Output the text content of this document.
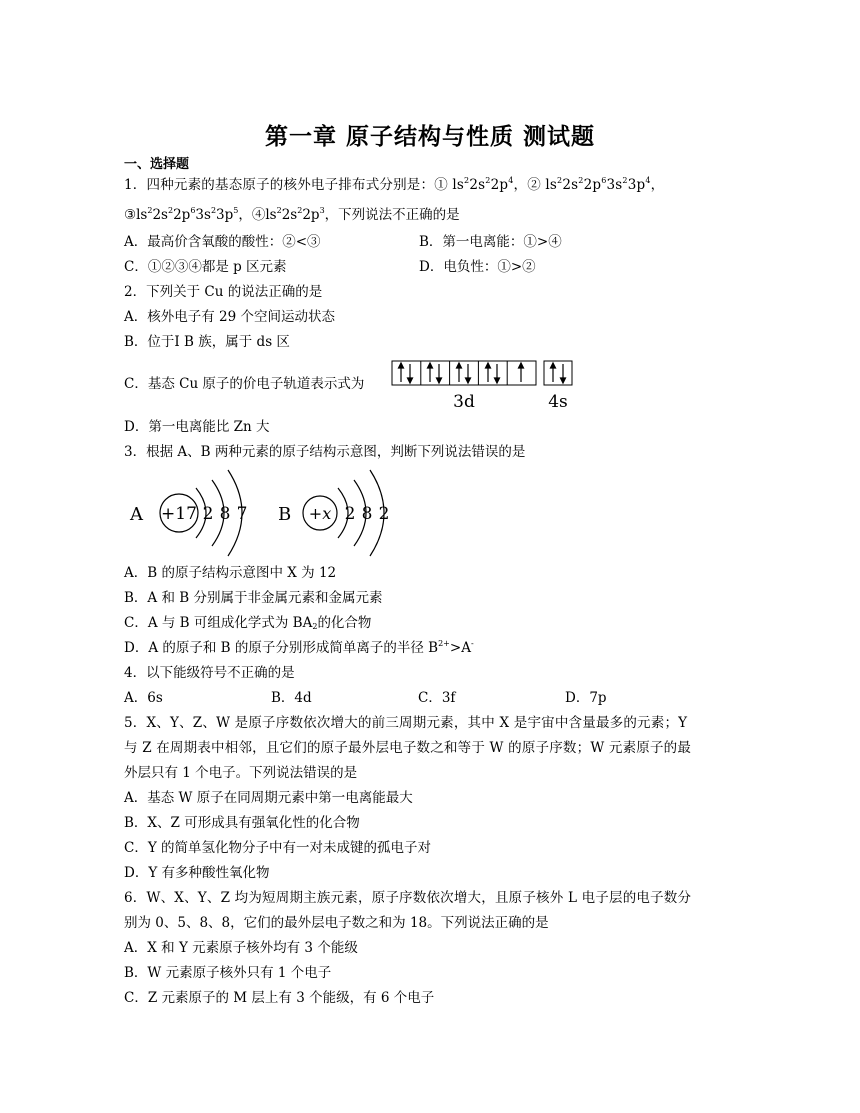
第一章 原子结构与性质 测试题
一、选择题
1．四种元素的基态原子的核外电子排布式分别是：① $ls^22s^22p^4$，② $ls^22s^22p^63s^23p^4$，
$③ls^22s^22p^63s^23p^5$，$④ls^22s^22p^3$，下列说法不正确的是
A．最高价含氧酸的酸性：②<③	B．第一电离能：①>④
C．①②③④都是 p 区元素	D．电负性：①>②
2．下列关于 Cu 的说法正确的是
A．核外电子有 29 个空间运动状态
B．位于Ⅰ B 族，属于 ds 区
C．基态 Cu 原子的价电子轨道表示式为
3d	4s
D．第一电离能比 Zn 大
3．根据 A、B 两种元素的原子结构示意图，判断下列说法错误的是
A +17 2 8 7 B +x 2 8 2
A．B 的原子结构示意图中 X 为 12
B．A 和 B 分别属于非金属元素和金属元素
C．A 与 B 可组成化学式为 $BA_2$的化合物
D．A 的原子和 B 的原子分别形成简单离子的半径 $B^{2+}>A^-$
4．以下能级符号不正确的是
A．6s	B．4d	C．3f	D．7p
5．X、Y、Z、W 是原子序数依次增大的前三周期元素，其中 X 是宇宙中含量最多的元素；Y
与 Z 在周期表中相邻，且它们的原子最外层电子数之和等于 W 的原子序数；W 元素原子的最
外层只有 1 个电子。下列说法错误的是
A．基态 W 原子在同周期元素中第一电离能最大
B．X、Z 可形成具有强氧化性的化合物
C．Y 的简单氢化物分子中有一对未成键的孤电子对
D．Y 有多种酸性氧化物
6．W、X、Y、Z 均为短周期主族元素，原子序数依次增大，且原子核外 L 电子层的电子数分
别为 0、5、8、8，它们的最外层电子数之和为 18。下列说法正确的是
A．X 和 Y 元素原子核外均有 3 个能级
B．W 元素原子核外只有 1 个电子
C．Z 元素原子的 M 层上有 3 个能级，有 6 个电子
